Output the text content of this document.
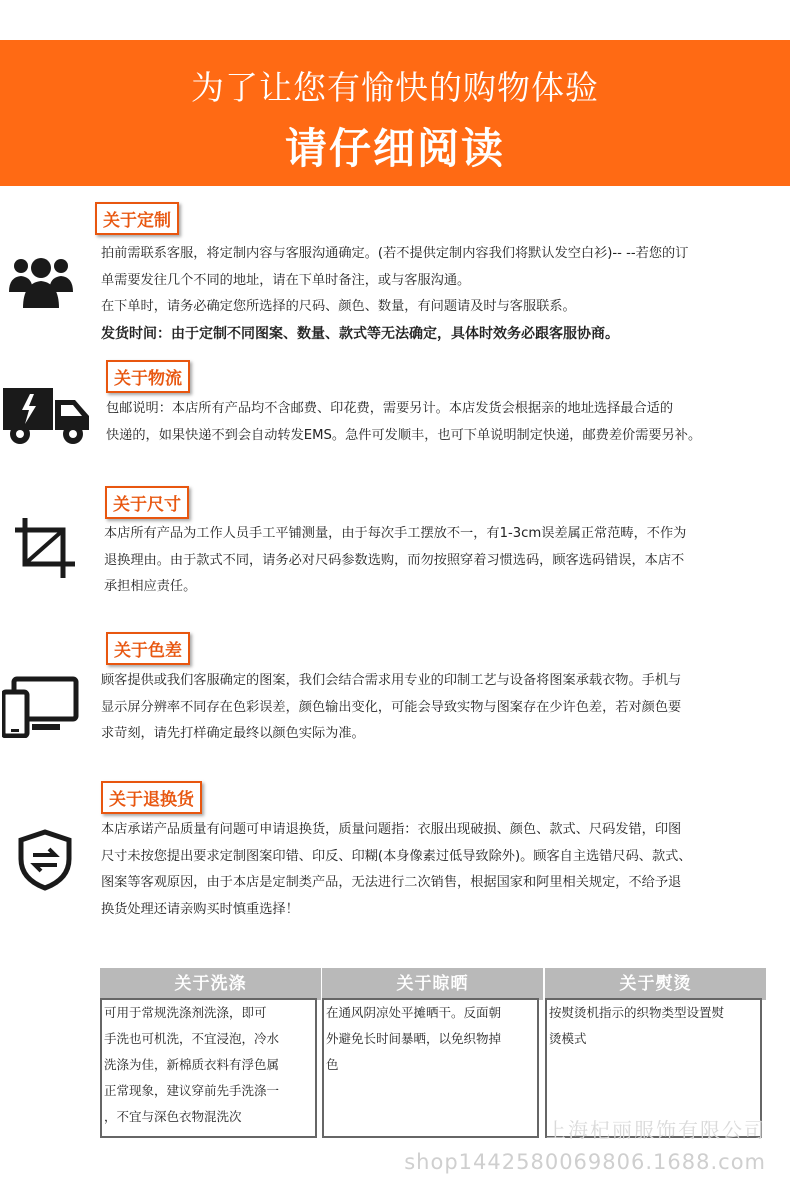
为了让您有愉快的购物体验
请仔细阅读
关于定制
拍前需联系客服，将定制内容与客服沟通确定。(若不提供定制内容我们将默认发空白衫)-- --若您的订
单需要发往几个不同的地址，请在下单时备注，或与客服沟通。
在下单时，请务必确定您所选择的尺码、颜色、数量，有问题请及时与客服联系。
发货时间：由于定制不同图案、数量、款式等无法确定，具体时效务必跟客服协商。
关于物流
包邮说明：本店所有产品均不含邮费、印花费，需要另计。本店发货会根据亲的地址选择最合适的
快递的，如果快递不到会自动转发EMS。急件可发顺丰，也可下单说明制定快递，邮费差价需要另补。
关于尺寸
本店所有产品为工作人员手工平铺测量，由于每次手工摆放不一，有1-3cm误差属正常范畴，不作为
退换理由。由于款式不同，请务必对尺码参数选购，而勿按照穿着习惯选码，顾客选码错误，本店不
承担相应责任。
关于色差
顾客提供或我们客服确定的图案，我们会结合需求用专业的印制工艺与设备将图案承载衣物。手机与
显示屏分辨率不同存在色彩误差，颜色输出变化，可能会导致实物与图案存在少许色差，若对颜色要
求苛刻，请先打样确定最终以颜色实际为准。
关于退换货
本店承诺产品质量有问题可申请退换货，质量问题指：衣服出现破损、颜色、款式、尺码发错，印图
尺寸未按您提出要求定制图案印错、印反、印糊(本身像素过低导致除外)。顾客自主选错尺码、款式、
图案等客观原因，由于本店是定制类产品，无法进行二次销售，根据国家和阿里相关规定，不给予退
换货处理还请亲购买时慎重选择！
关于洗涤
可用于常规洗涤剂洗涤，即可
手洗也可机洗，不宜浸泡，冷水
洗涤为佳，新棉质衣料有浮色属
正常现象，建议穿前先手洗涤一
，不宜与深色衣物混洗次
关于晾晒
在通风阴凉处平摊晒干。反面朝
外避免长时间暴晒，以免织物掉
色
关于熨烫
按熨烫机指示的织物类型设置熨
烫模式
上海杞丽服饰有限公司
shop1442580069806.1688.com
